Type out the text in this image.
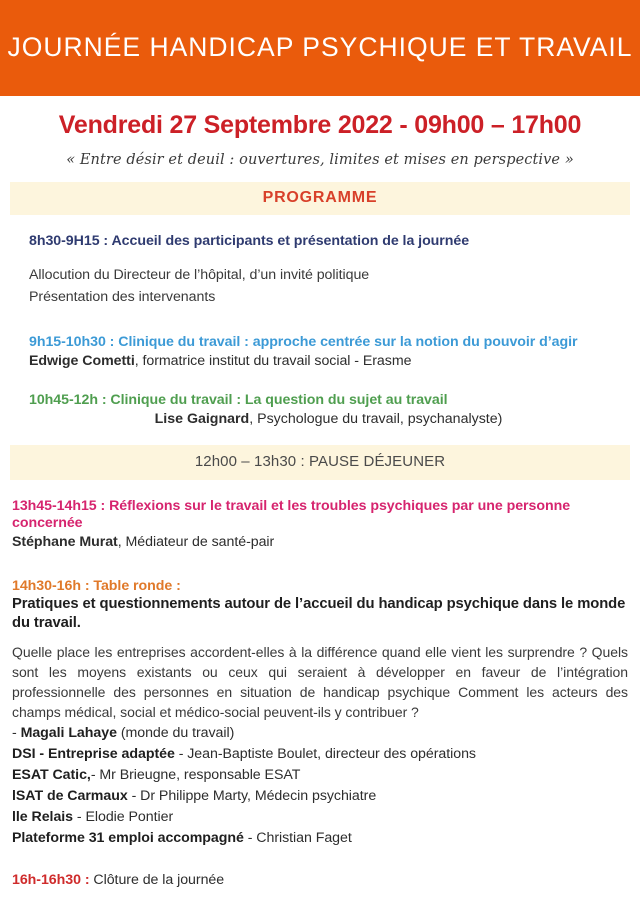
JOURNÉE HANDICAP PSYCHIQUE ET TRAVAIL
Vendredi 27 Septembre 2022 - 09h00 – 17h00
« Entre désir et deuil : ouvertures, limites et mises en perspective »
PROGRAMME
8h30-9H15 : Accueil des participants et présentation de la journée
Allocution du Directeur de l’hôpital, d’un invité politique
Présentation des intervenants
9h15-10h30 : Clinique du travail : approche centrée sur la notion du pouvoir d’agir
Edwige Cometti, formatrice institut du travail social - Erasme
10h45-12h : Clinique du travail : La question du sujet au travail
Lise Gaignard, Psychologue du travail, psychanalyste)
12h00 – 13h30 : PAUSE DÉJEUNER
13h45-14h15 : Réflexions sur le travail et les troubles psychiques par une personne concernée
Stéphane Murat, Médiateur de santé-pair
14h30-16h : Table ronde :
Pratiques et questionnements autour de l’accueil du handicap psychique dans le monde du travail.
Quelle place les entreprises accordent-elles à la différence quand elle vient les surprendre ? Quels sont les moyens existants ou ceux qui seraient à développer en faveur de l’intégration professionnelle des personnes en situation de handicap psychique Comment les acteurs des champs médical, social et médico-social peuvent-ils y contribuer ?
- Magali Lahaye (monde du travail)
DSI - Entreprise adaptée - Jean-Baptiste Boulet, directeur des opérations
ESAT Catic,- Mr Brieugne, responsable ESAT
lSAT de Carmaux - Dr Philippe Marty, Médecin psychiatre
lle Relais - Elodie Pontier
Plateforme 31 emploi accompagné - Christian Faget
16h-16h30 : Clôture de la journée
